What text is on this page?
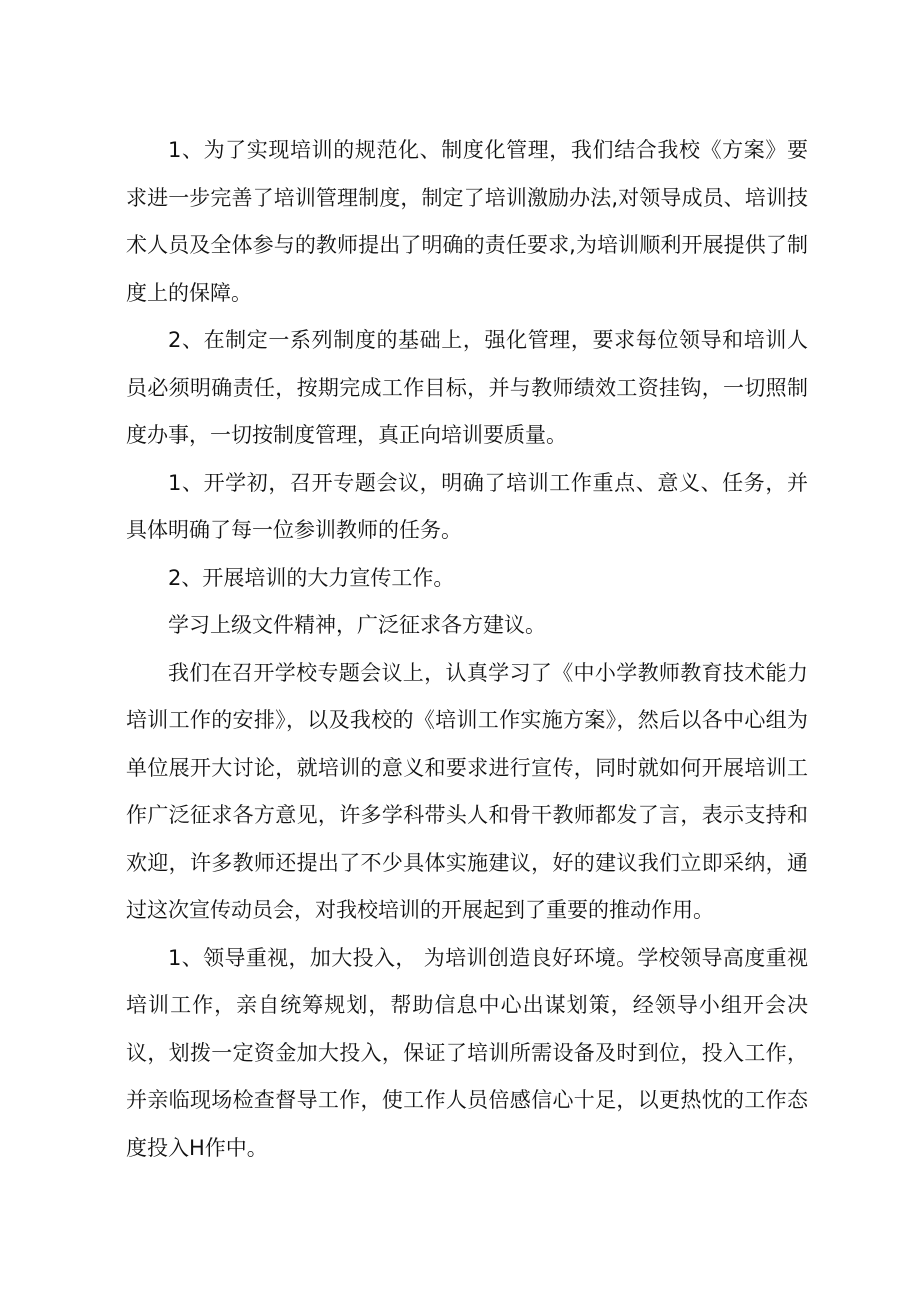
1、为了实现培训的规范化、制度化管理，我们结合我校《方案》要求进一步完善了培训管理制度，制定了培训激励办法,对领导成员、培训技术人员及全体参与的教师提出了明确的责任要求,为培训顺利开展提供了制度上的保障。

2、在制定一系列制度的基础上，强化管理，要求每位领导和培训人员必须明确责任，按期完成工作目标，并与教师绩效工资挂钩，一切照制度办事，一切按制度管理，真正向培训要质量。

1、开学初，召开专题会议，明确了培训工作重点、意义、任务，并具体明确了每一位参训教师的任务。

2、开展培训的大力宣传工作。

学习上级文件精神，广泛征求各方建议。

我们在召开学校专题会议上，认真学习了《中小学教师教育技术能力培训工作的安排》，以及我校的《培训工作实施方案》，然后以各中心组为单位展开大讨论，就培训的意义和要求进行宣传，同时就如何开展培训工作广泛征求各方意见，许多学科带头人和骨干教师都发了言，表示支持和欢迎，许多教师还提出了不少具体实施建议，好的建议我们立即采纳，通过这次宣传动员会，对我校培训的开展起到了重要的推动作用。

1、领导重视，加大投入， 为培训创造良好环境。学校领导高度重视培训工作，亲自统筹规划，帮助信息中心出谋划策，经领导小组开会决议，划拨一定资金加大投入，保证了培训所需设备及时到位，投入工作，并亲临现场检查督导工作，使工作人员倍感信心十足，以更热忱的工作态度投入H作中。
